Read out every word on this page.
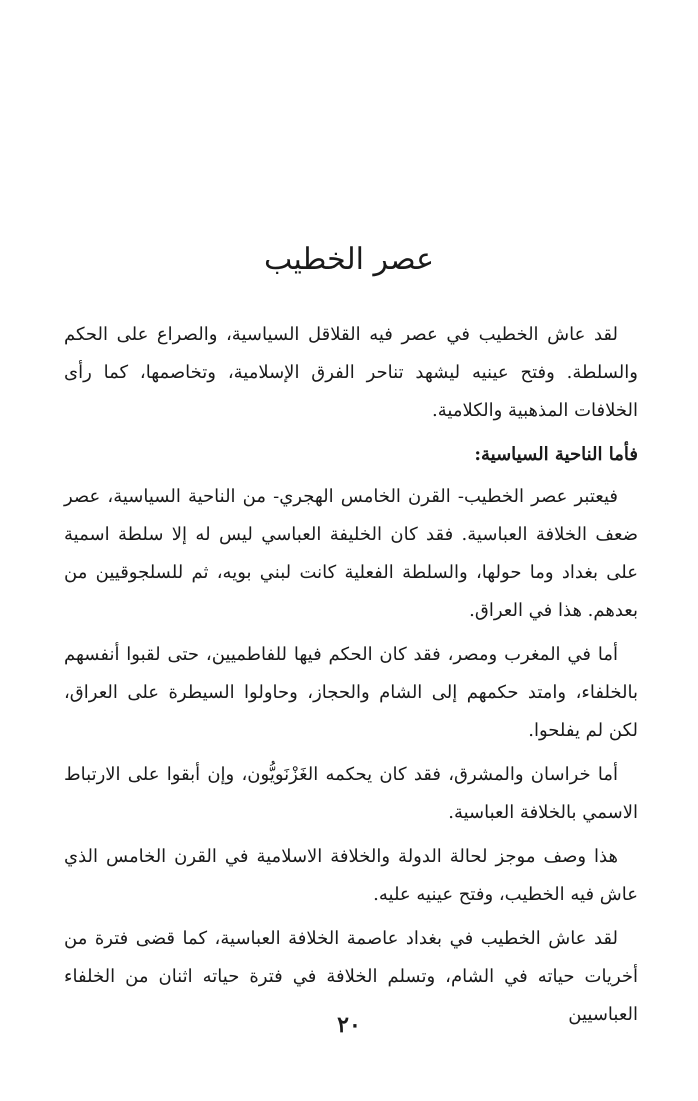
عصر الخطيب

لقد عاش الخطيب في عصر فيه القلاقل السياسية، والصراع على الحكم والسلطة. وفتح عينيه ليشهد تناحر الفرق الإسلامية، وتخاصمها، كما رأى الخلافات المذهبية والكلامية.

فأما الناحية السياسية:

فيعتبر عصر الخطيب- القرن الخامس الهجري- من الناحية السياسية، عصر ضعف الخلافة العباسية. فقد كان الخليفة العباسي ليس له إلا سلطة اسمية على بغداد وما حولها، والسلطة الفعلية كانت لبني بويه، ثم للسلجوقيين من بعدهم. هذا في العراق.

أما في المغرب ومصر، فقد كان الحكم فيها للفاطميين، حتى لقبوا أنفسهم بالخلفاء، وامتد حكمهم إلى الشام والحجاز، وحاولوا السيطرة على العراق، لكن لم يفلحوا.

أما خراسان والمشرق، فقد كان يحكمه الغَزْنَويُّون، وإن أبقوا على الارتباط الاسمي بالخلافة العباسية.

هذا وصف موجز لحالة الدولة والخلافة الاسلامية في القرن الخامس الذي عاش فيه الخطيب، وفتح عينيه عليه.

لقد عاش الخطيب في بغداد عاصمة الخلافة العباسية، كما قضى فترة من أخريات حياته في الشام، وتسلم الخلافة في فترة حياته اثنان من الخلفاء العباسيين

٢٠
